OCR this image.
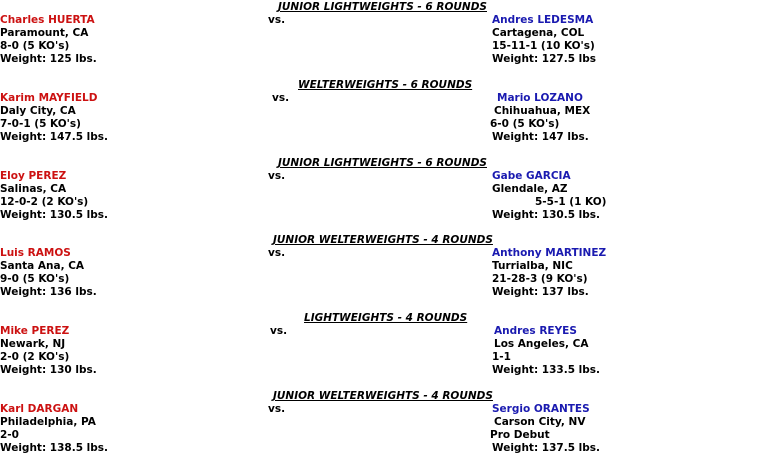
JUNIOR LIGHTWEIGHTS - 6 ROUNDS
Charles HUERTA	vs.	Andres LEDESMA
Paramount, CA	Cartagena, COL
8-0 (5 KO's)	15-11-1 (10 KO's)
Weight: 125 lbs.	Weight: 127.5 lbs
WELTERWEIGHTS - 6 ROUNDS
Karim MAYFIELD	vs.	Mario LOZANO
Daly City, CA	Chihuahua, MEX
7-0-1 (5 KO's)	6-0 (5 KO's)
Weight: 147.5 lbs.	Weight: 147 lbs.
JUNIOR LIGHTWEIGHTS - 6 ROUNDS
Eloy PEREZ	vs.	Gabe GARCIA
Salinas, CA	Glendale, AZ
12-0-2 (2 KO's)	5-5-1 (1 KO)
Weight: 130.5 lbs.	Weight: 130.5 lbs.
JUNIOR WELTERWEIGHTS - 4 ROUNDS
Luis RAMOS	vs.	Anthony MARTINEZ
Santa Ana, CA	Turrialba, NIC
9-0 (5 KO's)	21-28-3 (9 KO's)
Weight: 136 lbs.	Weight: 137 lbs.
LIGHTWEIGHTS - 4 ROUNDS
Mike PEREZ	vs.	Andres REYES
Newark, NJ	Los Angeles, CA
2-0 (2 KO's)	1-1
Weight: 130 lbs.	Weight: 133.5 lbs.
JUNIOR WELTERWEIGHTS - 4 ROUNDS
Karl DARGAN	vs.	Sergio ORANTES
Philadelphia, PA	Carson City, NV
2-0	Pro Debut
Weight: 138.5 lbs.	Weight: 137.5 lbs.
